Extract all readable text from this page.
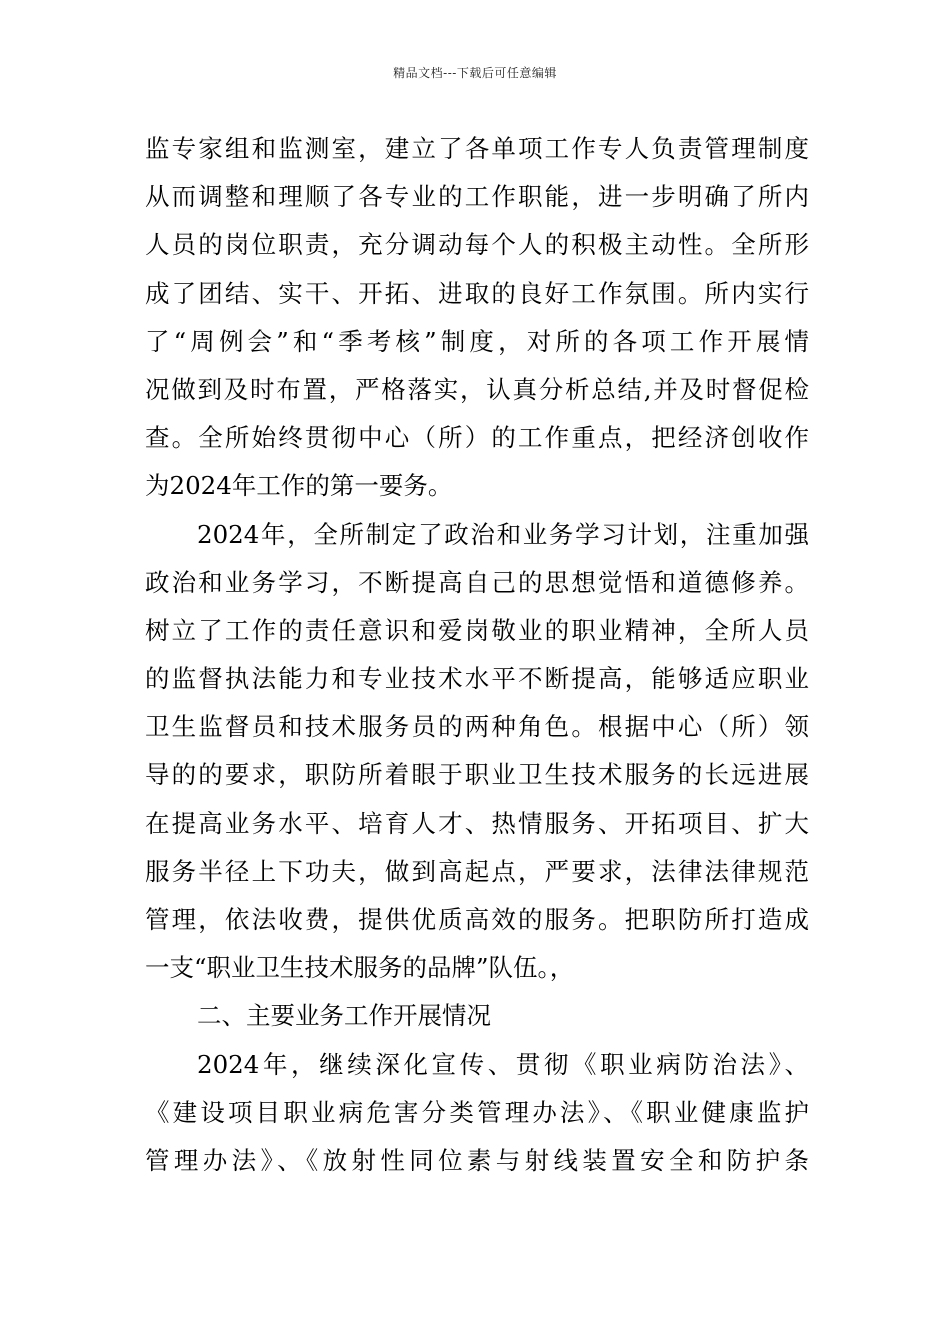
精品文档---下载后可任意编辑
监专家组和监测室，建立了各单项工作专人负责管理制度
从而调整和理顺了各专业的工作职能，进一步明确了所内
人员的岗位职责，充分调动每个人的积极主动性。全所形
成了团结、实干、开拓、进取的良好工作氛围。所内实行
了“周例会”和“季考核”制度，对所的各项工作开展情
况做到及时布置，严格落实，认真分析总结,并及时督促检
查。全所始终贯彻中心（所）的工作重点，把经济创收作
为2024年工作的第一要务。
2024年，全所制定了政治和业务学习计划，注重加强
政治和业务学习，不断提高自己的思想觉悟和道德修养。
树立了工作的责任意识和爱岗敬业的职业精神，全所人员
的监督执法能力和专业技术水平不断提高，能够适应职业
卫生监督员和技术服务员的两种角色。根据中心（所）领
导的的要求，职防所着眼于职业卫生技术服务的长远进展
在提高业务水平、培育人才、热情服务、开拓项目、扩大
服务半径上下功夫，做到高起点，严要求，法律法律规范
管理，依法收费，提供优质高效的服务。把职防所打造成
一支“职业卫生技术服务的品牌”队伍。，
二、主要业务工作开展情况
2024年，继续深化宣传、贯彻《职业病防治法》、
《建设项目职业病危害分类管理办法》、《职业健康监护
管理办法》、《放射性同位素与射线装置安全和防护条
